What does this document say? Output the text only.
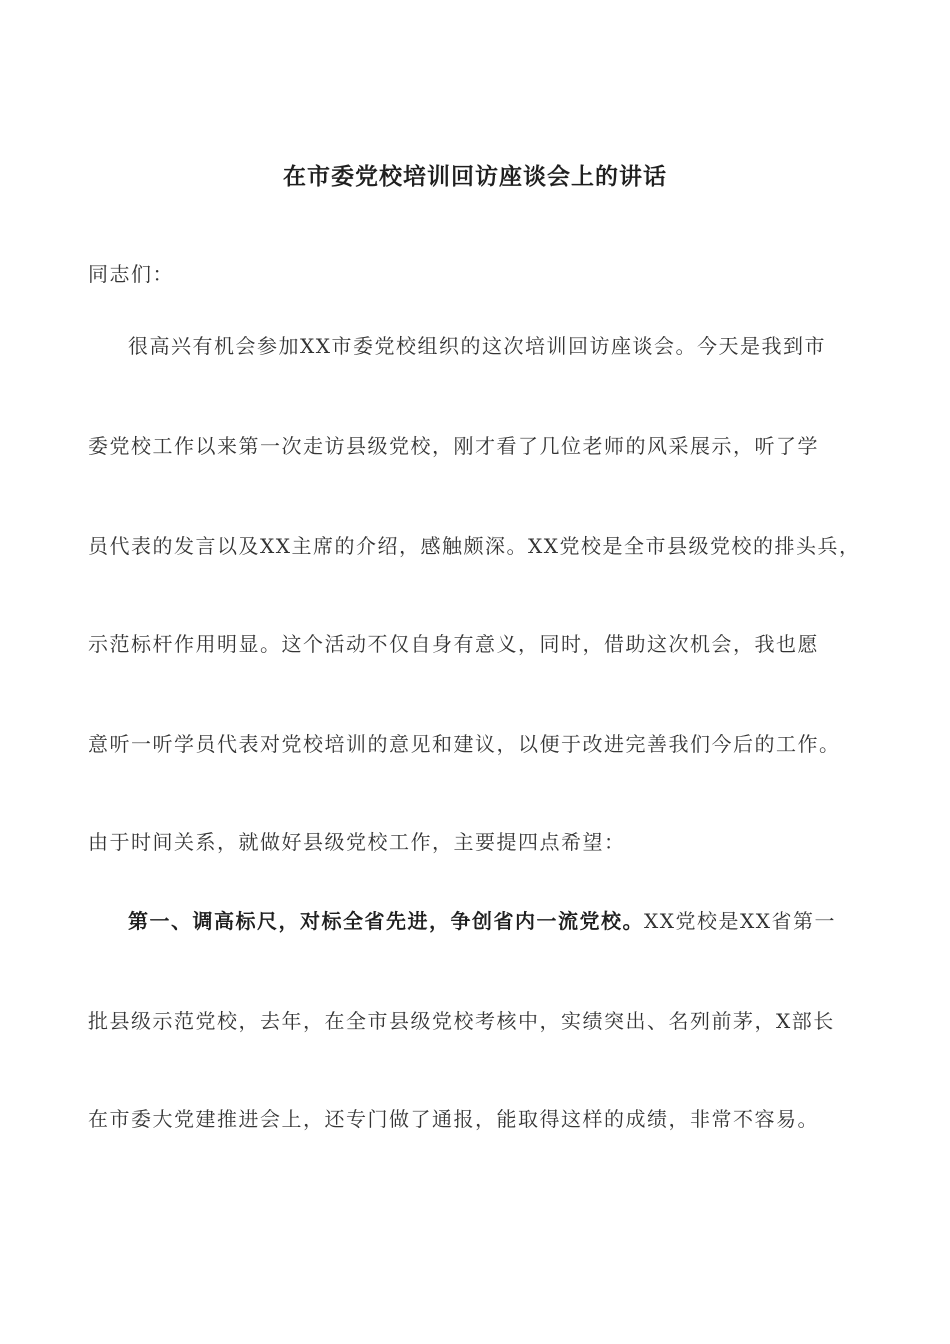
在市委党校培训回访座谈会上的讲话
同志们：
很高兴有机会参加XX市委党校组织的这次培训回访座谈会。今天是我到市
委党校工作以来第一次走访县级党校，刚才看了几位老师的风采展示，听了学
员代表的发言以及XX主席的介绍，感触颇深。XX党校是全市县级党校的排头兵，
示范标杆作用明显。这个活动不仅自身有意义，同时，借助这次机会，我也愿
意听一听学员代表对党校培训的意见和建议，以便于改进完善我们今后的工作。
由于时间关系，就做好县级党校工作，主要提四点希望：
第一、调高标尺，对标全省先进，争创省内一流党校。XX党校是XX省第一
批县级示范党校，去年，在全市县级党校考核中，实绩突出、名列前茅，X部长
在市委大党建推进会上，还专门做了通报，能取得这样的成绩，非常不容易。
